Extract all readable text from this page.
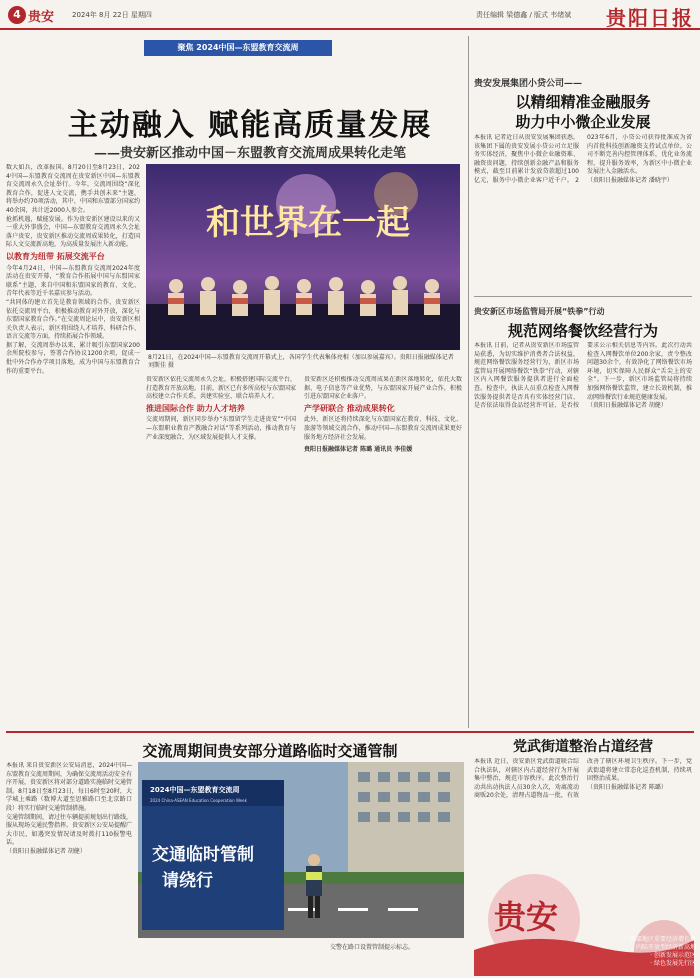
4 贵安	2024年 8月 22日 星期四	责任编辑 梁德鑫 / 版式 韦绪斌 贵阳日报
聚焦 2024中国—东盟教育交流周
主动融入 赋能高质量发展
——贵安新区推动中国－东盟教育交流周成果转化走笔
和世界在一起
8月21日，在2024中国—东盟教育交流周开幕式上，各国学生代表集体亮相（加以参展嘉宾）。贵阳日报融媒体记者 刘斯佳 摄

数大如兵，改革报国。8月20日至8月23日，2024中国—东盟教育交流周在贵安新区中国—东盟教育交流周永久会址举行。今年，交流周围绕“深化教育合作，促进人文交流，携手共创未来”主题，将举办约70项活动，其中，中国和东盟部分国家约40余国，共计近2000人参会。

抢抓机遇，赋能发展。作为贵安新区建设以来的又一重大外事盛会，中国—东盟教育交流周永久会址落户贵安，贵安新区推动交流周成果转化，打造国际人文交流新高地，为高质量发展注入新动能。

以教育为纽带 拓展交流平台

今年4月24日，中国—东盟教育交流周2024年度活动在贵安开幕，“教育合作拓展中国与东盟国家联系”主题，来自中国和东盟国家的教育、文化、青年代表等近千名嘉宾参与活动。

“共同体的建立首先是教育领域的合作，贵安新区依托交流周平台，积极推动教育对外开放，深化与东盟国家教育合作。”在交流周论坛中，贵安新区相关负责人表示，新区将围绕人才培养、科研合作、语言交流等方面，持续拓展合作领域。

据了解，交流周举办以来，累计吸引东盟国家200余所院校参与，签署合作协议1200余项，促成一批中外合作办学项目落地，成为中国与东盟教育合作的重要平台。

贵安新区依托交流周永久会址，积极搭建国际交流平台，打造教育开放高地。目前，新区已有多所高校与东盟国家高校建立合作关系，共建实验室、联合培养人才。

推进国际合作 助力人才培养

交流周期间，新区同步举办“东盟留学生走进贵安”“中国—东盟职业教育产教融合对话”等系列活动，推动教育与产业深度融合，为区域发展提供人才支撑。

贵安新区还积极推动交流周成果在新区落地转化，依托大数据、电子信息等产业优势，与东盟国家开展产业合作，积极引进东盟国家企业落户。

产学研联合 推动成果转化

此外，新区还将持续深化与东盟国家在教育、科技、文化、旅游等领域交流合作，推动中国—东盟教育交流周成果更好服务地方经济社会发展。

贵阳日报融媒体记者 陈璐 通讯员 李佳媛

贵安发展集团小贷公司——
以精细精准金融服务
助力中小微企业发展

本报讯 记者近日从贵安发展集团获悉，该集团下属的贵安发展小贷公司立足服务实体经济，聚焦中小微企业融资难、融资贵问题，持续创新金融产品和服务模式，截至目前累计发放贷款超过100亿元，服务中小微企业客户近千户。 2023年6月，小贷公司获得批准成为省内首批科技创新融资支持试点单位。公司不断完善内控管理体系，优化业务流程，提升服务效率，为新区中小微企业发展注入金融活水。

（贵阳日报融媒体记者 潘晓宇）

贵安新区市场监管局开展“铁拳”行动
规范网络餐饮经营行为

本报讯 日前，记者从贵安新区市场监管局获悉，为切实维护消费者合法权益，规范网络餐饮服务经营行为，新区市场监管局开展网络餐饮“铁拳”行动，对辖区内入网餐饮服务提供者进行全面检查。检查中，执法人员重点检查入网餐饮服务提供者是否具有实体经营门店、是否依法取得食品经营许可证、是否按要求公示相关信息等内容。此次行动共检查入网餐饮单位200余家，责令整改问题30余个，有效净化了网络餐饮市场环境，切实保障人民群众“舌尖上的安全”。下一步，新区市场监管局将持续加强网络餐饮监管，建立长效机制，推动网络餐饮行业规范健康发展。

（贵阳日报融媒体记者 胡健）

党武街道整治占道经营

本报讯 近日，贵安新区党武街道联合综合执法队，对辖区内占道经营行为开展集中整治，规范市容秩序。此次整治行动共出动执法人员30余人次，劝离流动商贩20余处，清理占道物品一批，有效改善了辖区环境卫生秩序。下一步，党武街道将建立常态化巡查机制，持续巩固整治成果。

（贵阳日报融媒体记者 陈璐）

交流周期间贵安部分道路临时交通管制

本报讯 来自贵安新区公安局消息，2024中国—东盟教育交流周期间，为确保交流周活动安全有序开展，贵安新区将对部分道路实施临时交通管制。8月18日至8月23日，每日6时至20时，大学城上乘路（数博大道至思雅路口至北京路口段）将实行临时交通管制措施。

交通管制期间，请过往车辆提前规划出行路线，服从现场交通民警指挥。贵安新区公安局提醒广大市民，如遇突发情况请及时拨打110报警电话。

（贵阳日报融媒体记者 胡健）

2024中国—东盟教育交流周
2024 China-ASEAN Education Cooperation Week
交通临时管制
请绕行
交警在路口设置管制提示标志。
贵安
· 西部地区重要经济增长极
· 内陆开放型经济新高地
· 创新发展示范区
· 绿色发展先行区
